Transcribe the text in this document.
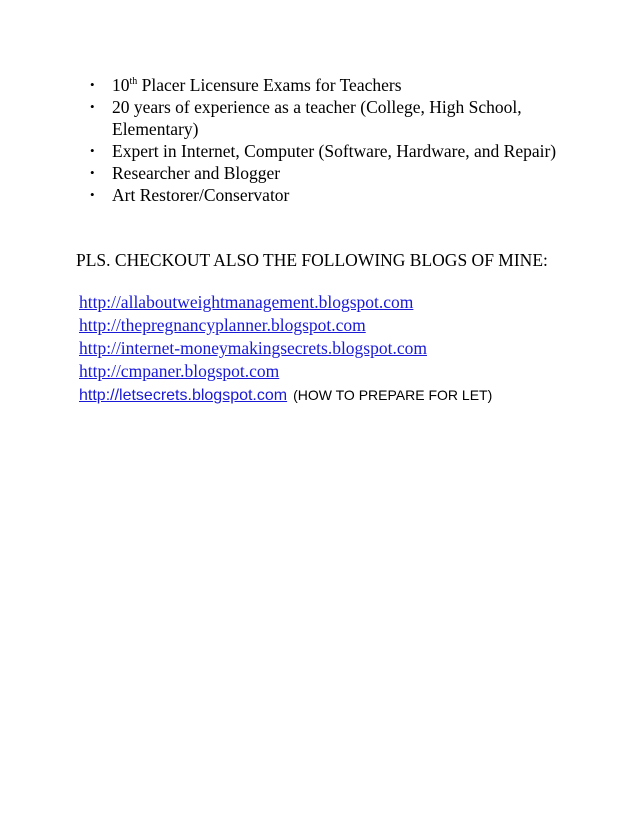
• 10th Placer Licensure Exams for Teachers
• 20 years of experience as a teacher (College, High School, Elementary)
• Expert in Internet, Computer (Software, Hardware, and Repair)
• Researcher and Blogger
• Art Restorer/Conservator

PLS. CHECKOUT ALSO THE FOLLOWING BLOGS OF MINE:

http://allaboutweightmanagement.blogspot.com
http://thepregnancyplanner.blogspot.com
http://internet-moneymakingsecrets.blogspot.com
http://cmpaner.blogspot.com
http://letsecrets.blogspot.com (HOW TO PREPARE FOR LET)
